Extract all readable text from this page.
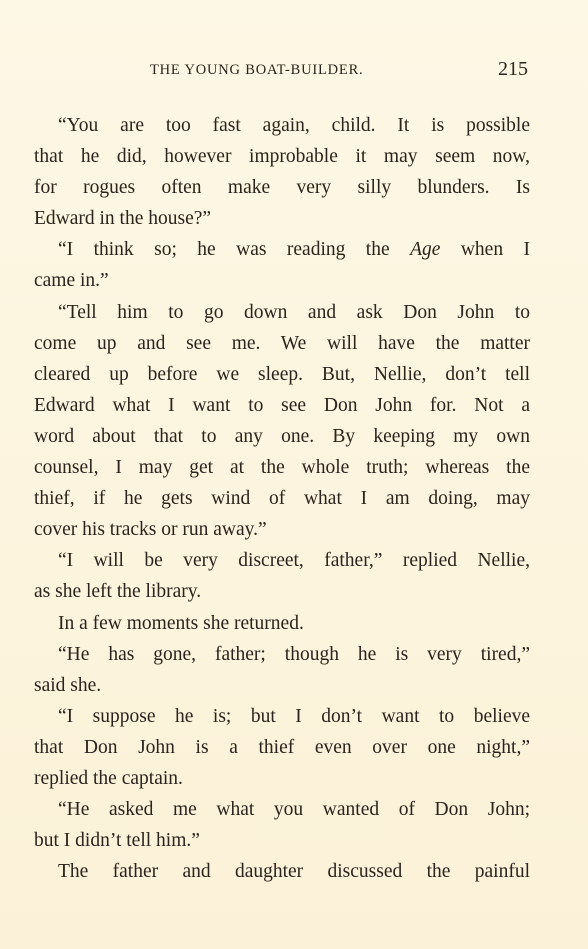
THE YOUNG BOAT-BUILDER.	215
“You are too fast again, child. It is possible
that he did, however improbable it may seem now,
for rogues often make very silly blunders. Is
Edward in the house?”
“I think so; he was reading the Age when I
came in.”
“Tell him to go down and ask Don John to
come up and see me. We will have the matter
cleared up before we sleep. But, Nellie, don’t tell
Edward what I want to see Don John for. Not a
word about that to any one. By keeping my own
counsel, I may get at the whole truth; whereas the
thief, if he gets wind of what I am doing, may
cover his tracks or run away.”
“I will be very discreet, father,” replied Nellie,
as she left the library.
In a few moments she returned.
“He has gone, father; though he is very tired,”
said she.
“I suppose he is; but I don’t want to believe
that Don John is a thief even over one night,”
replied the captain.
“He asked me what you wanted of Don John;
but I didn’t tell him.”
The father and daughter discussed the painful
